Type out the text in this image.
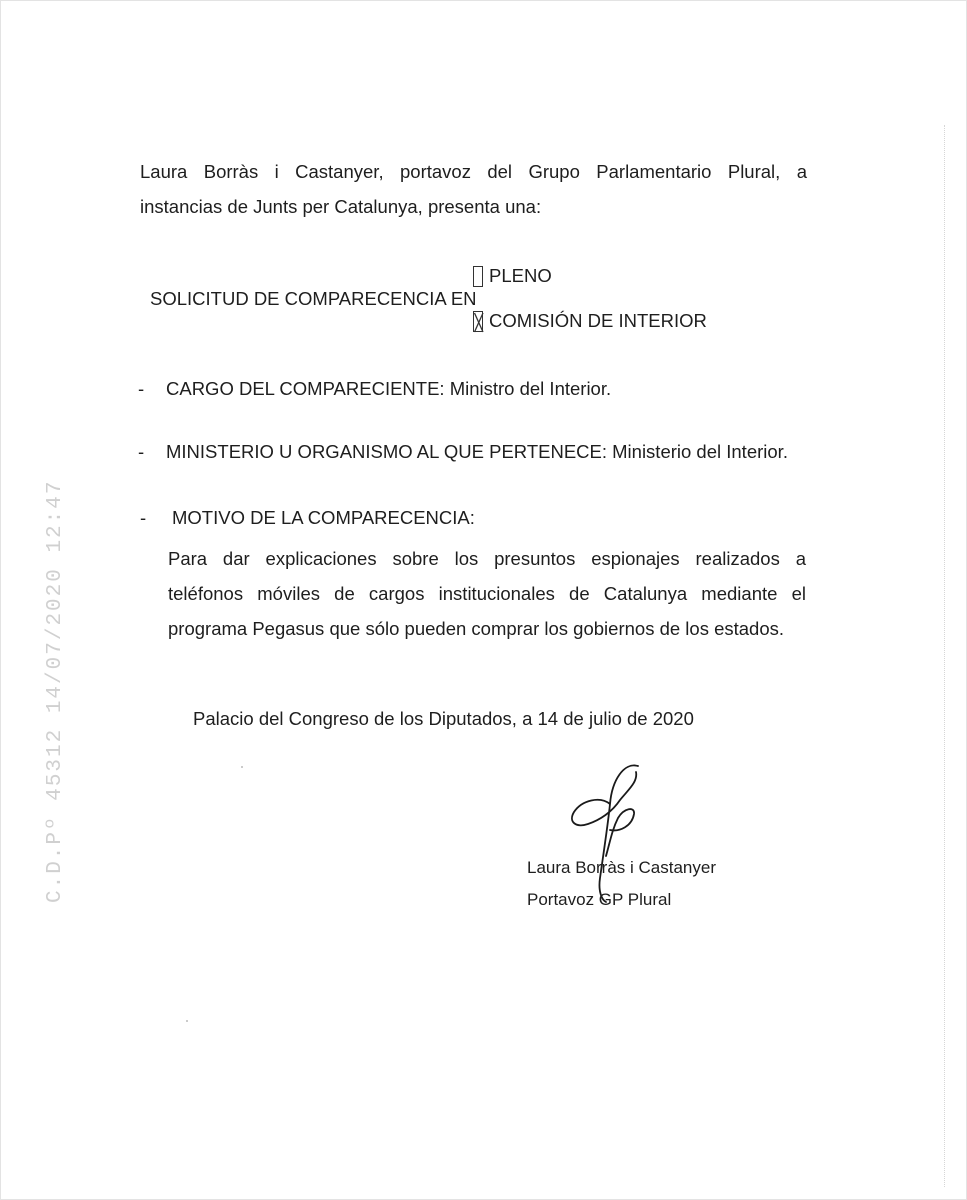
C.D.Pº 45312 14/07/2020 12:47
Laura Borràs i Castanyer, portavoz del Grupo Parlamentario Plural, a
instancias de Junts per Catalunya, presenta una:
SOLICITUD DE COMPARECENCIA EN
PLENO
COMISIÓN DE INTERIOR
-	CARGO DEL COMPARECIENTE: Ministro del Interior.
-	MINISTERIO U ORGANISMO AL QUE PERTENECE: Ministerio del Interior.
-	MOTIVO DE LA COMPARECENCIA:
Para dar explicaciones sobre los presuntos espionajes realizados a
teléfonos móviles de cargos institucionales de Catalunya mediante el
programa Pegasus que sólo pueden comprar los gobiernos de los estados.
Palacio del Congreso de los Diputados, a 14 de julio de 2020
Laura Borràs i Castanyer
Portavoz GP Plural
